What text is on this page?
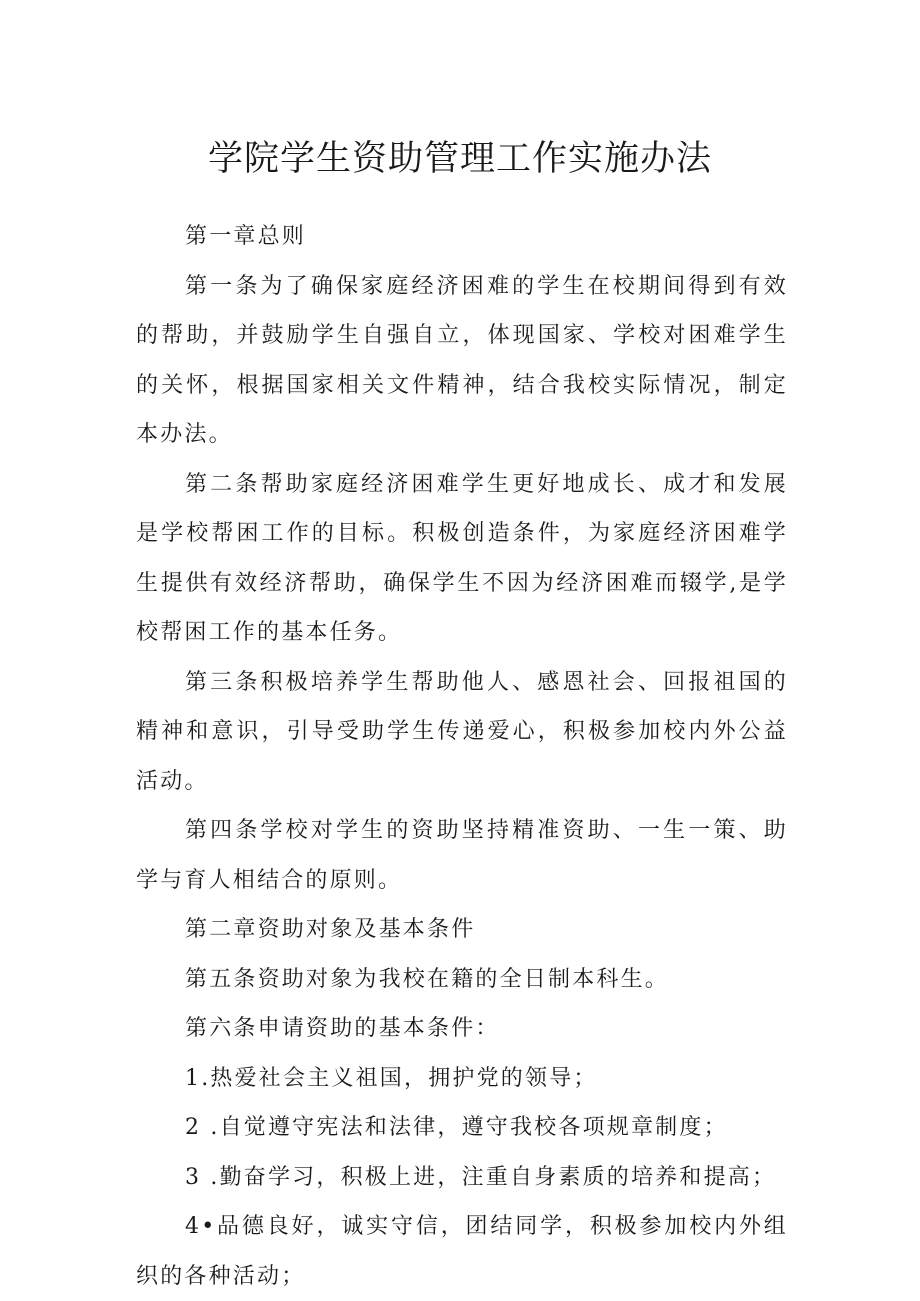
学院学生资助管理工作实施办法

第一章总则

第一条为了确保家庭经济困难的学生在校期间得到有效的帮助，并鼓励学生自强自立，体现国家、学校对困难学生的关怀，根据国家相关文件精神，结合我校实际情况，制定本办法。

第二条帮助家庭经济困难学生更好地成长、成才和发展是学校帮困工作的目标。积极创造条件，为家庭经济困难学生提供有效经济帮助，确保学生不因为经济困难而辍学,是学校帮困工作的基本任务。

第三条积极培养学生帮助他人、感恩社会、回报祖国的精神和意识，引导受助学生传递爱心，积极参加校内外公益活动。

第四条学校对学生的资助坚持精准资助、一生一策、助学与育人相结合的原则。

第二章资助对象及基本条件

第五条资助对象为我校在籍的全日制本科生。

第六条申请资助的基本条件：

1.热爱社会主义祖国，拥护党的领导；

2 .自觉遵守宪法和法律，遵守我校各项规章制度；

3 .勤奋学习，积极上进，注重自身素质的培养和提高；

4•品德良好，诚实守信，团结同学，积极参加校内外组织的各种活动；
